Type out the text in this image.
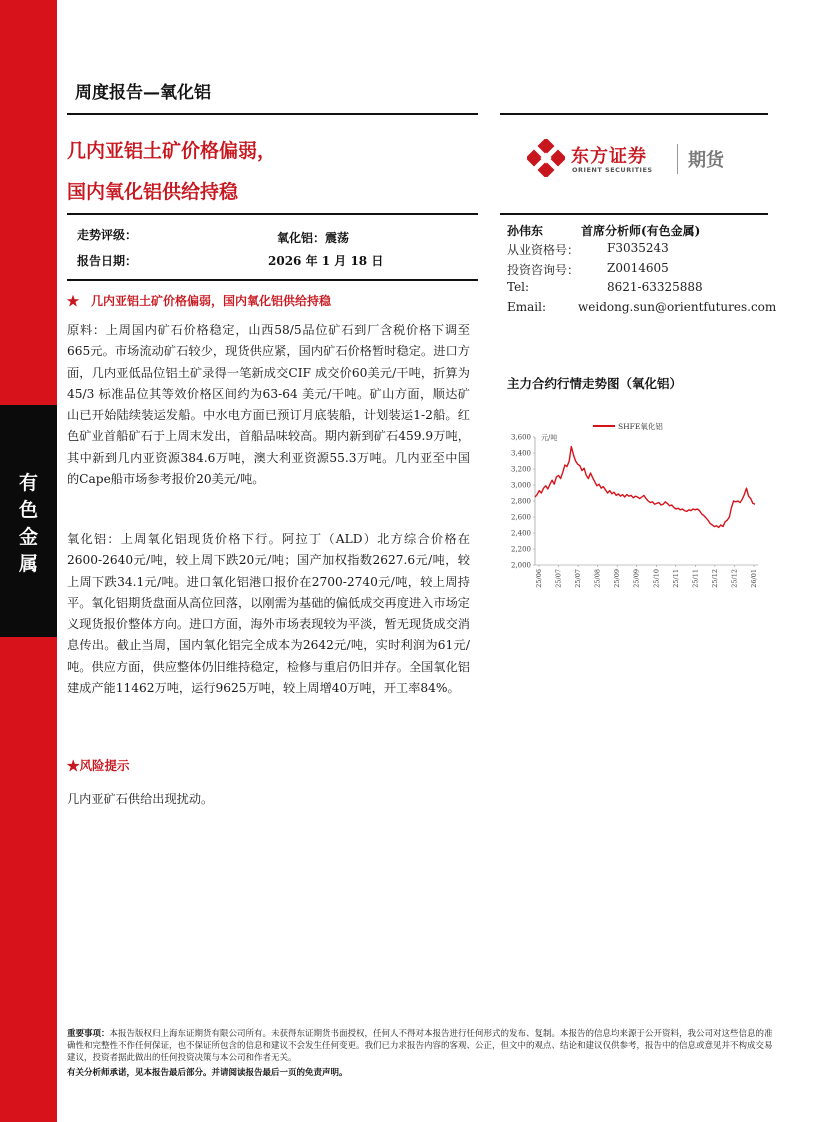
有
色
金
属
周度报告—氧化铝
几内亚铝土矿价格偏弱，
国内氧化铝供给持稳
东方证券
ORIENT SECURITIES 期货
走势评级：	氧化铝：震荡
报告日期：	2026 年 1 月 18 日
孙伟东	首席分析师(有色金属)
从业资格号： F3035243
投资咨询号： Z0014605
Tel:	8621-63325888
Email:	weidong.sun@orientfutures.com
★　几内亚铝土矿价格偏弱，国内氧化铝供给持稳
原料：上周国内矿石价格稳定，山西58/5品位矿石到厂含税价格下调至665元。市场流动矿石较少，现货供应紧，国内矿石价格暂时稳定。进口方面，几内亚低品位铝土矿录得一笔新成交CIF 成交价60美元/干吨，折算为 45/3 标准品位其等效价格区间约为63-64 美元/干吨。矿山方面，顺达矿山已开始陆续装运发船。中水电方面已预订月底装船，计划装运1-2船。红色矿业首船矿石于上周末发出，首船品味较高。期内新到矿石459.9万吨，其中新到几内亚资源384.6万吨，澳大利亚资源55.3万吨。几内亚至中国的Cape船市场参考报价20美元/吨。
氧化铝：上周氧化铝现货价格下行。阿拉丁（ALD）北方综合价格在2600-2640元/吨，较上周下跌20元/吨；国产加权指数2627.6元/吨，较上周下跌34.1元/吨。进口氧化铝港口报价在2700-2740元/吨，较上周持平。氧化铝期货盘面从高位回落，以刚需为基础的偏低成交再度进入市场定义现货报价整体方向。进口方面，海外市场表现较为平淡，暂无现货成交消息传出。截止当周，国内氧化铝完全成本为2642元/吨，实时利润为61元/吨。供应方面，供应整体仍旧维持稳定，检修与重启仍旧并存。全国氧化铝建成产能11462万吨，运行9625万吨，较上周增40万吨，开工率84%。
★风险提示
几内亚矿石供给出现扰动。
主力合约行情走势图（氧化铝）
3,600
3,400
3,200
3,000
2,800
2,600
2,400
2,200
2,000
元/吨
25/06 25/07 25/07 25/08 25/09 25/09 25/10 25/11 25/11 25/12 25/12 26/01
SHFE氧化铝
重要事项：本报告版权归上海东证期货有限公司所有。未获得东证期货书面授权，任何人不得对本报告进行任何形式的发布、复制。本报告的信息均来源于公开资料，我公司对这些信息的准确性和完整性不作任何保证，也不保证所包含的信息和建议不会发生任何变更。我们已力求报告内容的客观、公正，但文中的观点、结论和建议仅供参考，报告中的信息或意见并不构成交易建议，投资者据此做出的任何投资决策与本公司和作者无关。
有关分析师承诺，见本报告最后部分。并请阅读报告最后一页的免责声明。
